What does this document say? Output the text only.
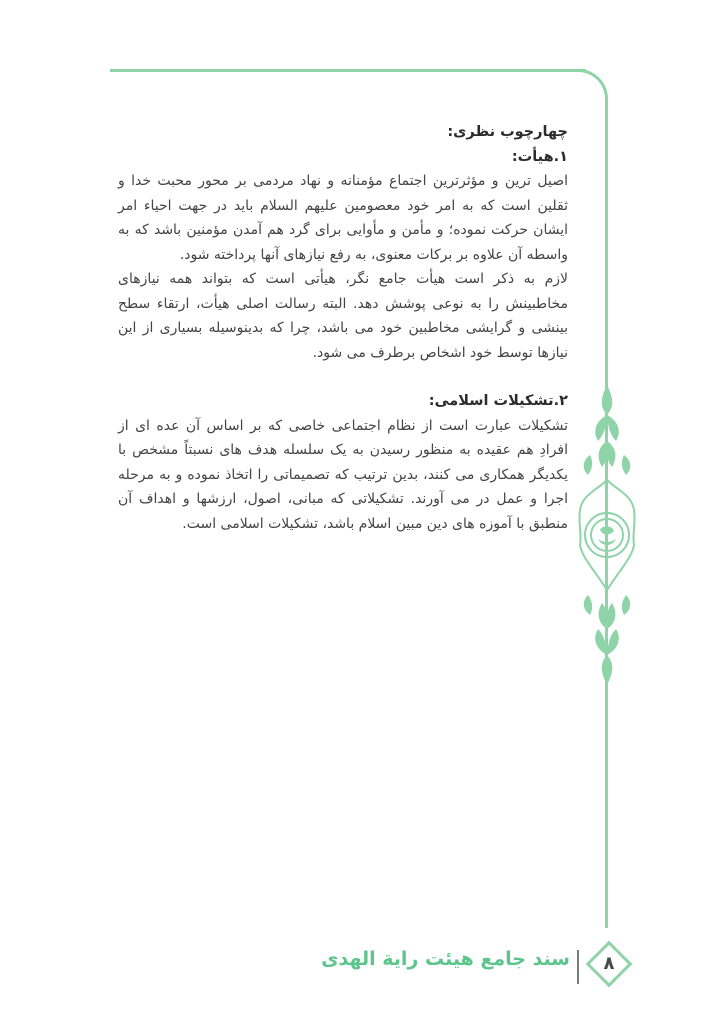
چهارچوب نظری:

۱.هیأت:

اصیل ترین و مؤثرترین اجتماع مؤمنانه و نهاد مردمی بر محور محبت خدا و ثقلین است که به امر خود معصومین علیهم السلام باید در جهت احیاء امر ایشان حرکت نموده؛ و مأمن و مأوایی برای گرد هم آمدن مؤمنین باشد که به واسطه آن علاوه بر برکات معنوی، به رفع نیازهای آنها پرداخته شود.

لازم به ذکر است هیأت جامع نگر، هیأتی است که بتواند همه نیازهای مخاطبینش را به نوعی پوشش دهد. البته رسالت اصلی هیأت، ارتقاء سطح بینشی و گرایشی مخاطبین خود می باشد، چرا که بدینوسیله بسیاری از این نیازها توسط خود اشخاص برطرف می شود.

۲.تشکیلات اسلامی:

تشکیلات عبارت است از نظام اجتماعی خاصی که بر اساس آن عده ای از افرادِ هم عقیده به منظور رسیدن به یک سلسله هدف های نسبتاً مشخص با یکدیگر همکاری می کنند، بدین ترتیب که تصمیماتی را اتخاذ نموده و به مرحله اجرا و عمل در می آورند. تشکیلاتی که مبانی، اصول، ارزشها و اهداف آن منطبق با آموزه های دین مبین اسلام باشد، تشکیلات اسلامی است.

سند جامع هیئت رایة الهدی	۸
